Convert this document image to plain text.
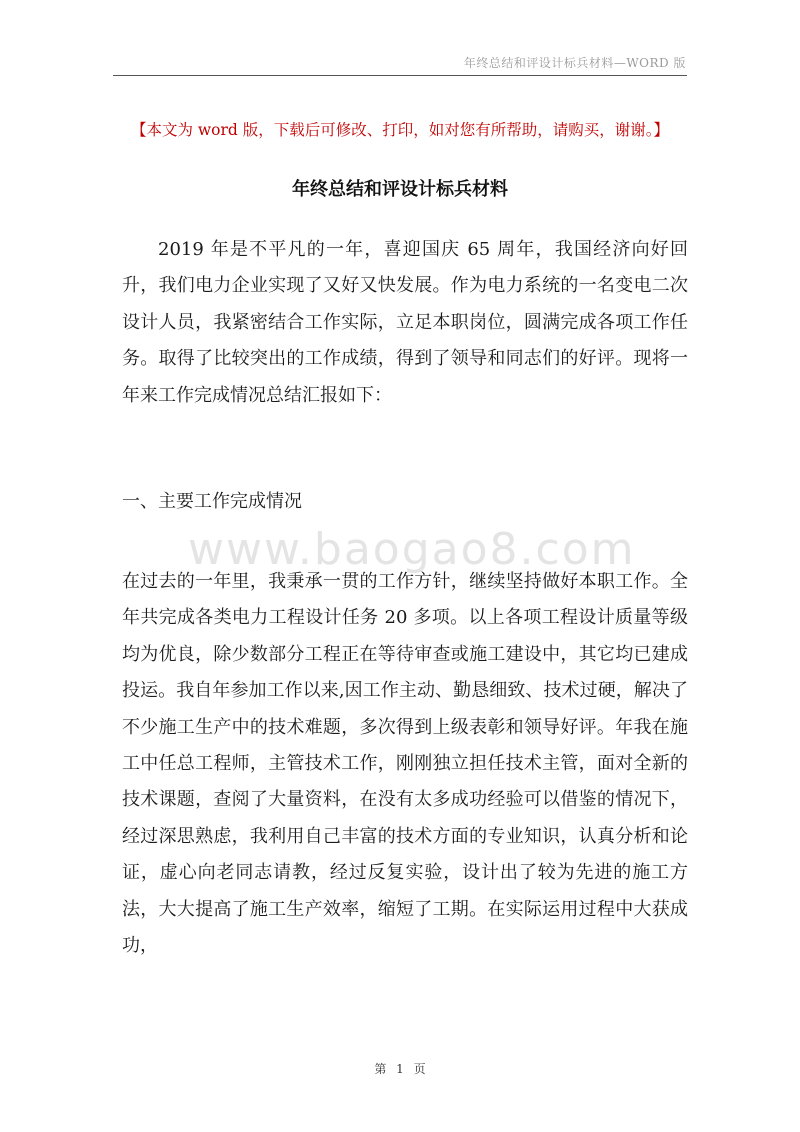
年终总结和评设计标兵材料—WORD 版
【本文为 word 版，下载后可修改、打印，如对您有所帮助，请购买，谢谢。】
年终总结和评设计标兵材料

2019 年是不平凡的一年，喜迎国庆 65 周年，我国经济向好回升，我们电力企业实现了又好又快发展。作为电力系统的一名变电二次设计人员，我紧密结合工作实际，立足本职岗位，圆满完成各项工作任务。取得了比较突出的工作成绩，得到了领导和同志们的好评。现将一年来工作完成情况总结汇报如下：

一、主要工作完成情况
www.baogao8.com

在过去的一年里，我秉承一贯的工作方针，继续坚持做好本职工作。全年共完成各类电力工程设计任务 20 多项。以上各项工程设计质量等级均为优良，除少数部分工程正在等待审查或施工建设中，其它均已建成投运。我自年参加工作以来,因工作主动、勤恳细致、技术过硬，解决了不少施工生产中的技术难题，多次得到上级表彰和领导好评。年我在施工中任总工程师，主管技术工作，刚刚独立担任技术主管，面对全新的技术课题，查阅了大量资料，在没有太多成功经验可以借鉴的情况下，经过深思熟虑，我利用自己丰富的技术方面的专业知识，认真分析和论证，虚心向老同志请教，经过反复实验，设计出了较为先进的施工方法，大大提高了施工生产效率，缩短了工期。在实际运用过程中大获成功，

第 1 页
